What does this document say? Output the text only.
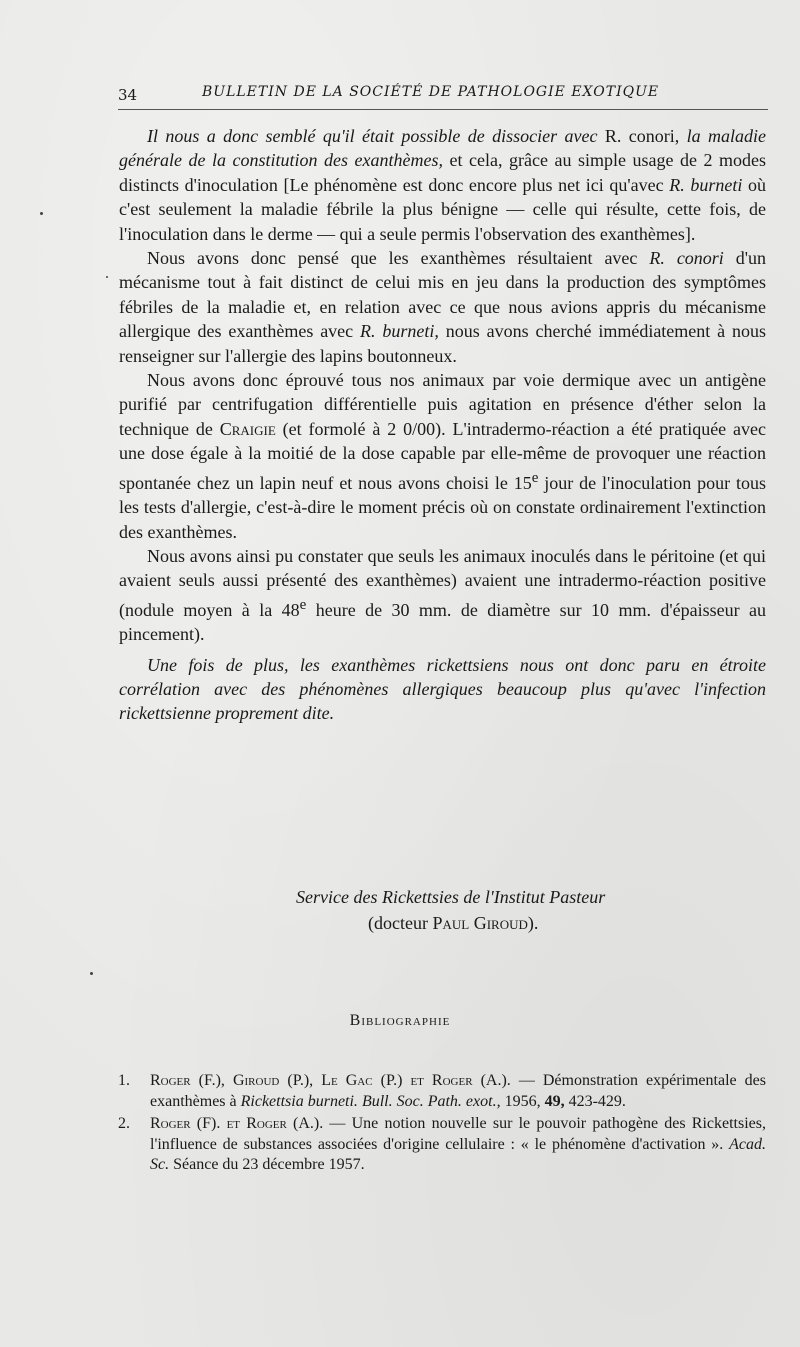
34	BULLETIN DE LA SOCIÉTÉ DE PATHOLOGIE EXOTIQUE

Il nous a donc semblé qu'il était possible de dissocier avec R. conori, la maladie générale de la constitution des exanthèmes, et cela, grâce au simple usage de 2 modes distincts d'inoculation [Le phénomène est donc encore plus net ici qu'avec R. burneti où c'est seulement la maladie fébrile la plus bénigne — celle qui résulte, cette fois, de l'inoculation dans le derme — qui a seule permis l'observation des exanthèmes].

Nous avons donc pensé que les exanthèmes résultaient avec R. conori d'un mécanisme tout à fait distinct de celui mis en jeu dans la production des symptômes fébriles de la maladie et, en relation avec ce que nous avions appris du mécanisme allergique des exanthèmes avec R. burneti, nous avons cherché immédiatement à nous renseigner sur l'allergie des lapins boutonneux.

Nous avons donc éprouvé tous nos animaux par voie dermique avec un antigène purifié par centrifugation différentielle puis agitation en présence d'éther selon la technique de Craigie (et formolé à 2 0/00). L'intradermo-réaction a été pratiquée avec une dose égale à la moitié de la dose capable par elle-même de provoquer une réaction spontanée chez un lapin neuf et nous avons choisi le 15e jour de l'inoculation pour tous les tests d'allergie, c'est-à-dire le moment précis où on constate ordinairement l'extinction des exanthèmes.

Nous avons ainsi pu constater que seuls les animaux inoculés dans le péritoine (et qui avaient seuls aussi présenté des exanthèmes) avaient une intradermo-réaction positive (nodule moyen à la 48e heure de 30 mm. de diamètre sur 10 mm. d'épaisseur au pincement).

Une fois de plus, les exanthèmes rickettsiens nous ont donc paru en étroite corrélation avec des phénomènes allergiques beaucoup plus qu'avec l'infection rickettsienne proprement dite.

Service des Rickettsies de l'Institut Pasteur
(docteur Paul Giroud).
Bibliographie
1. Roger (F.), Giroud (P.), Le Gac (P.) et Roger (A.). — Démonstration expérimentale des exanthèmes à Rickettsia burneti. Bull. Soc. Path. exot., 1956, 49, 423-429.
2. Roger (F). et Roger (A.). — Une notion nouvelle sur le pouvoir pathogène des Rickettsies, l'influence de substances associées d'origine cellulaire : « le phénomène d'activation ». Acad. Sc. Séance du 23 décembre 1957.
